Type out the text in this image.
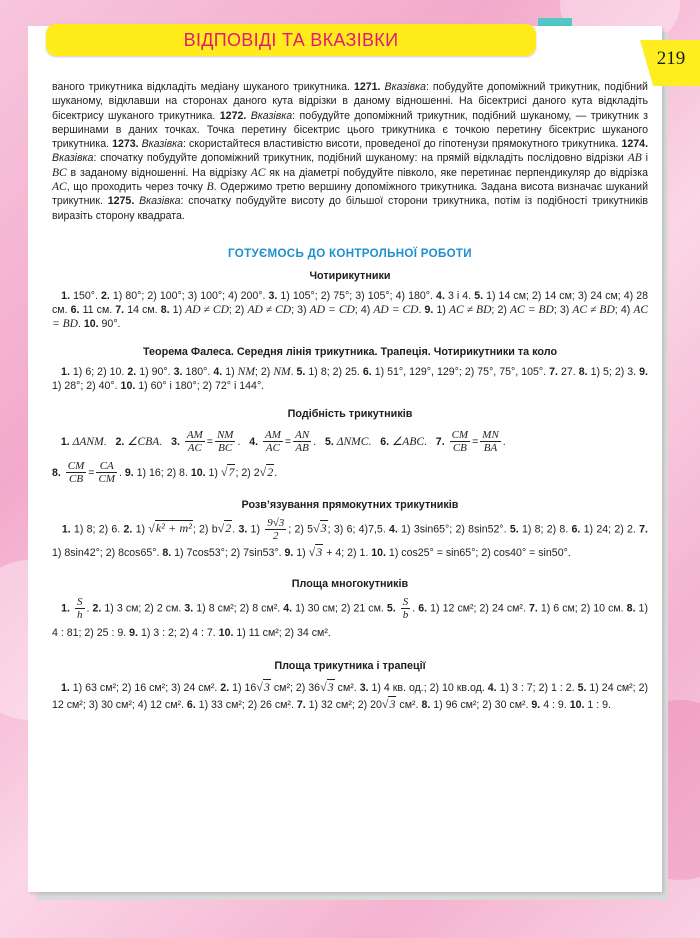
ВІДПОВІДІ ТА ВКАЗІВКИ
219

ваного трикутника відкладіть медіану шуканого трикутника. 1271. Вказівка: побудуйте допоміжний трикутник, подібний шуканому, відклавши на сторонах даного кута відрізки в даному відношенні. На бісектрисі даного кута відкладіть бісектрису шуканого трикутника. 1272. Вказівка: побудуйте допоміжний трикутник, подібний шуканому, — трикутник з вершинами в даних точках. Точка перетину бісектрис цього трикутника є точкою перетину бісектрис шуканого трикутника. 1273. Вказівка: скористайтеся властивістю висоти, проведеної до гіпотенузи прямокутного трикутника. 1274. Вказівка: спочатку побудуйте допоміжний трикутник, подібний шуканому: на прямій відкладіть послідовно відрізки AB і BC в заданому відношенні. На відрізку AC як на діаметрі побудуйте півколо, яке перетинає перпендикуляр до відрізка AC, що проходить через точку B. Одержимо третю вершину допоміжного трикутника. Задана висота визначає шуканий трикутник. 1275. Вказівка: спочатку побудуйте висоту до більшої сторони трикутника, потім із подібності трикутників виразіть сторону квадрата.

ГОТУЄМОСЬ ДО КОНТРОЛЬНОЇ РОБОТИ
Чотирикутники

1. 150°. 2. 1) 80°; 2) 100°; 3) 100°; 4) 200°. 3. 1) 105°; 2) 75°; 3) 105°; 4) 180°. 4. 3 і 4. 5. 1) 14 см; 2) 14 см; 3) 24 см; 4) 28 см. 6. 11 см. 7. 14 см. 8. 1) AD ≠ CD; 2) AD ≠ CD; 3) AD = CD; 4) AD = CD. 9. 1) AC ≠ BD; 2) AC = BD; 3) AC ≠ BD; 4) AC = BD. 10. 90°.

Теорема Фалеса. Середня лінія трикутника. Трапеція. Чотирикутники та коло

1. 1) 6; 2) 10. 2. 1) 90°. 3. 180°. 4. 1) NM; 2) NM. 5. 1) 8; 2) 25. 6. 1) 51°, 129°, 129°; 2) 75°, 75°, 105°. 7. 27. 8. 1) 5; 2) 3. 9. 1) 28°; 2) 40°. 10. 1) 60° і 180°; 2) 72° і 144°.

Подібність трикутників

1. ΔANM.   2. ∠CBA.   3. $\frac{AM}{AC} = \frac{NM}{BC}$ .   4. $\frac{AM}{AC} = \frac{AN}{AB}$ .   5. ΔNMC.   6. ∠ABC.   7. $\frac{CM}{CB} = \frac{MN}{BA}$ .
8. $\frac{CM}{CB} = \frac{CA}{CM}$ . 9. 1) 16; 2) 8. 10. 1) √7; 2) 2√2.

Розв’язування прямокутних трикутників

1. 1) 8; 2) 6. 2. 1) √k² + m²; 2) b√2. 3. $1) \frac{9√3}{2}$ ; 2) 5√3; 3) 6; 4)7,5. 4. 1) 3sin65°; 2) 8sin52°. 5. 1) 8; 2) 8. 6. 1) 24; 2) 2. 7. 1) 8sin42°; 2) 8cos65°. 8. 1) 7cos53°; 2) 7sin53°. 9. 1) √3 + 4; 2) 1. 10. 1) cos25° = sin65°; 2) cos40° = sin50°.

Площа многокутників

1. $\frac{S}{h}$ . 2. 1) 3 см; 2) 2 см. 3. 1) 8 см²; 2) 8 см². 4. 1) 30 см; 2) 21 см. 5. $\frac{S}{b}$ . 6. 1) 12 см²; 2) 24 см². 7. 1) 6 см; 2) 10 см. 8. 1) 4 : 81; 2) 25 : 9. 9. 1) 3 : 2; 2) 4 : 7. 10. 1) 11 см²; 2) 34 см².

Площа трикутника і трапеції

1. 1) 63 см²; 2) 16 см²; 3) 24 см². 2. 1) 16√3 см²; 2) 36√3 см². 3. 1) 4 кв. од.; 2) 10 кв.од. 4. 1) 3 : 7; 2) 1 : 2. 5. 1) 24 см²; 2) 12 см²; 3) 30 см²; 4) 12 см². 6. 1) 33 см²; 2) 26 см². 7. 1) 32 см²; 2) 20√3 см². 8. 1) 96 см²; 2) 30 см². 9. 4 : 9. 10. 1 : 9.
